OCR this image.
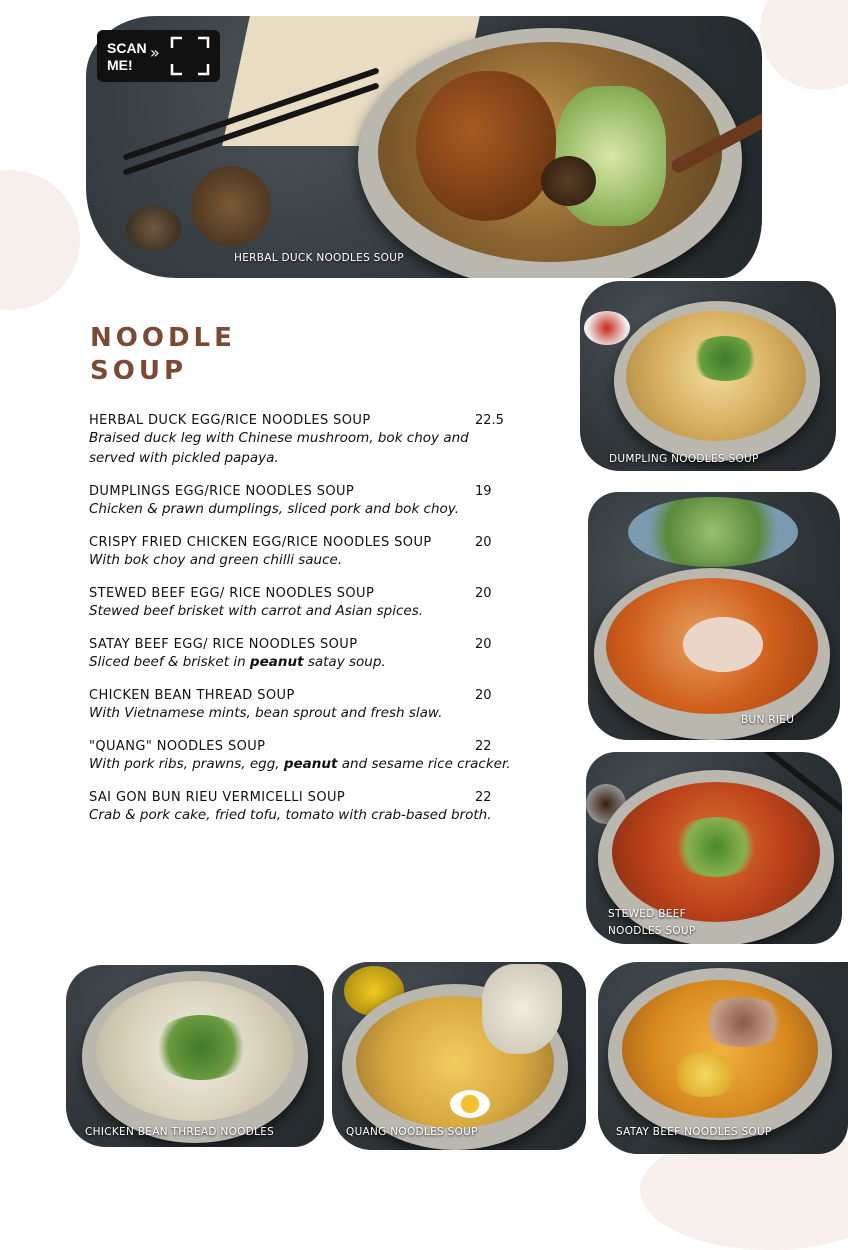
HERBAL DUCK NOODLES SOUP
SCAN
ME!
»
NOODLE
SOUP
HERBAL DUCK EGG/RICE NOODLES SOUP	22.5
Braised duck leg with Chinese mushroom, bok choy and served with pickled papaya.
DUMPLINGS EGG/RICE NOODLES SOUP	19
Chicken & prawn dumplings, sliced pork and bok choy.
CRISPY FRIED CHICKEN EGG/RICE NOODLES SOUP	20
With bok choy and green chilli sauce.
STEWED BEEF EGG/ RICE NOODLES SOUP	20
Stewed beef brisket with carrot and Asian spices.
SATAY BEEF EGG/ RICE NOODLES SOUP	20
Sliced beef & brisket in peanut satay soup.
CHICKEN BEAN THREAD SOUP	20
With Vietnamese mints, bean sprout and fresh slaw.
"QUANG" NOODLES SOUP	22
With pork ribs, prawns, egg, peanut and sesame rice cracker.
SAI GON BUN RIEU VERMICELLI SOUP	22
Crab & pork cake, fried tofu, tomato with crab-based broth.
DUMPLING NOODLES SOUP
BUN RIEU
STEWED BEEF
NOODLES SOUP
CHICKEN BEAN THREAD NOODLES	QUANG NOODLES SOUP	SATAY BEEF NOODLES SOUP
